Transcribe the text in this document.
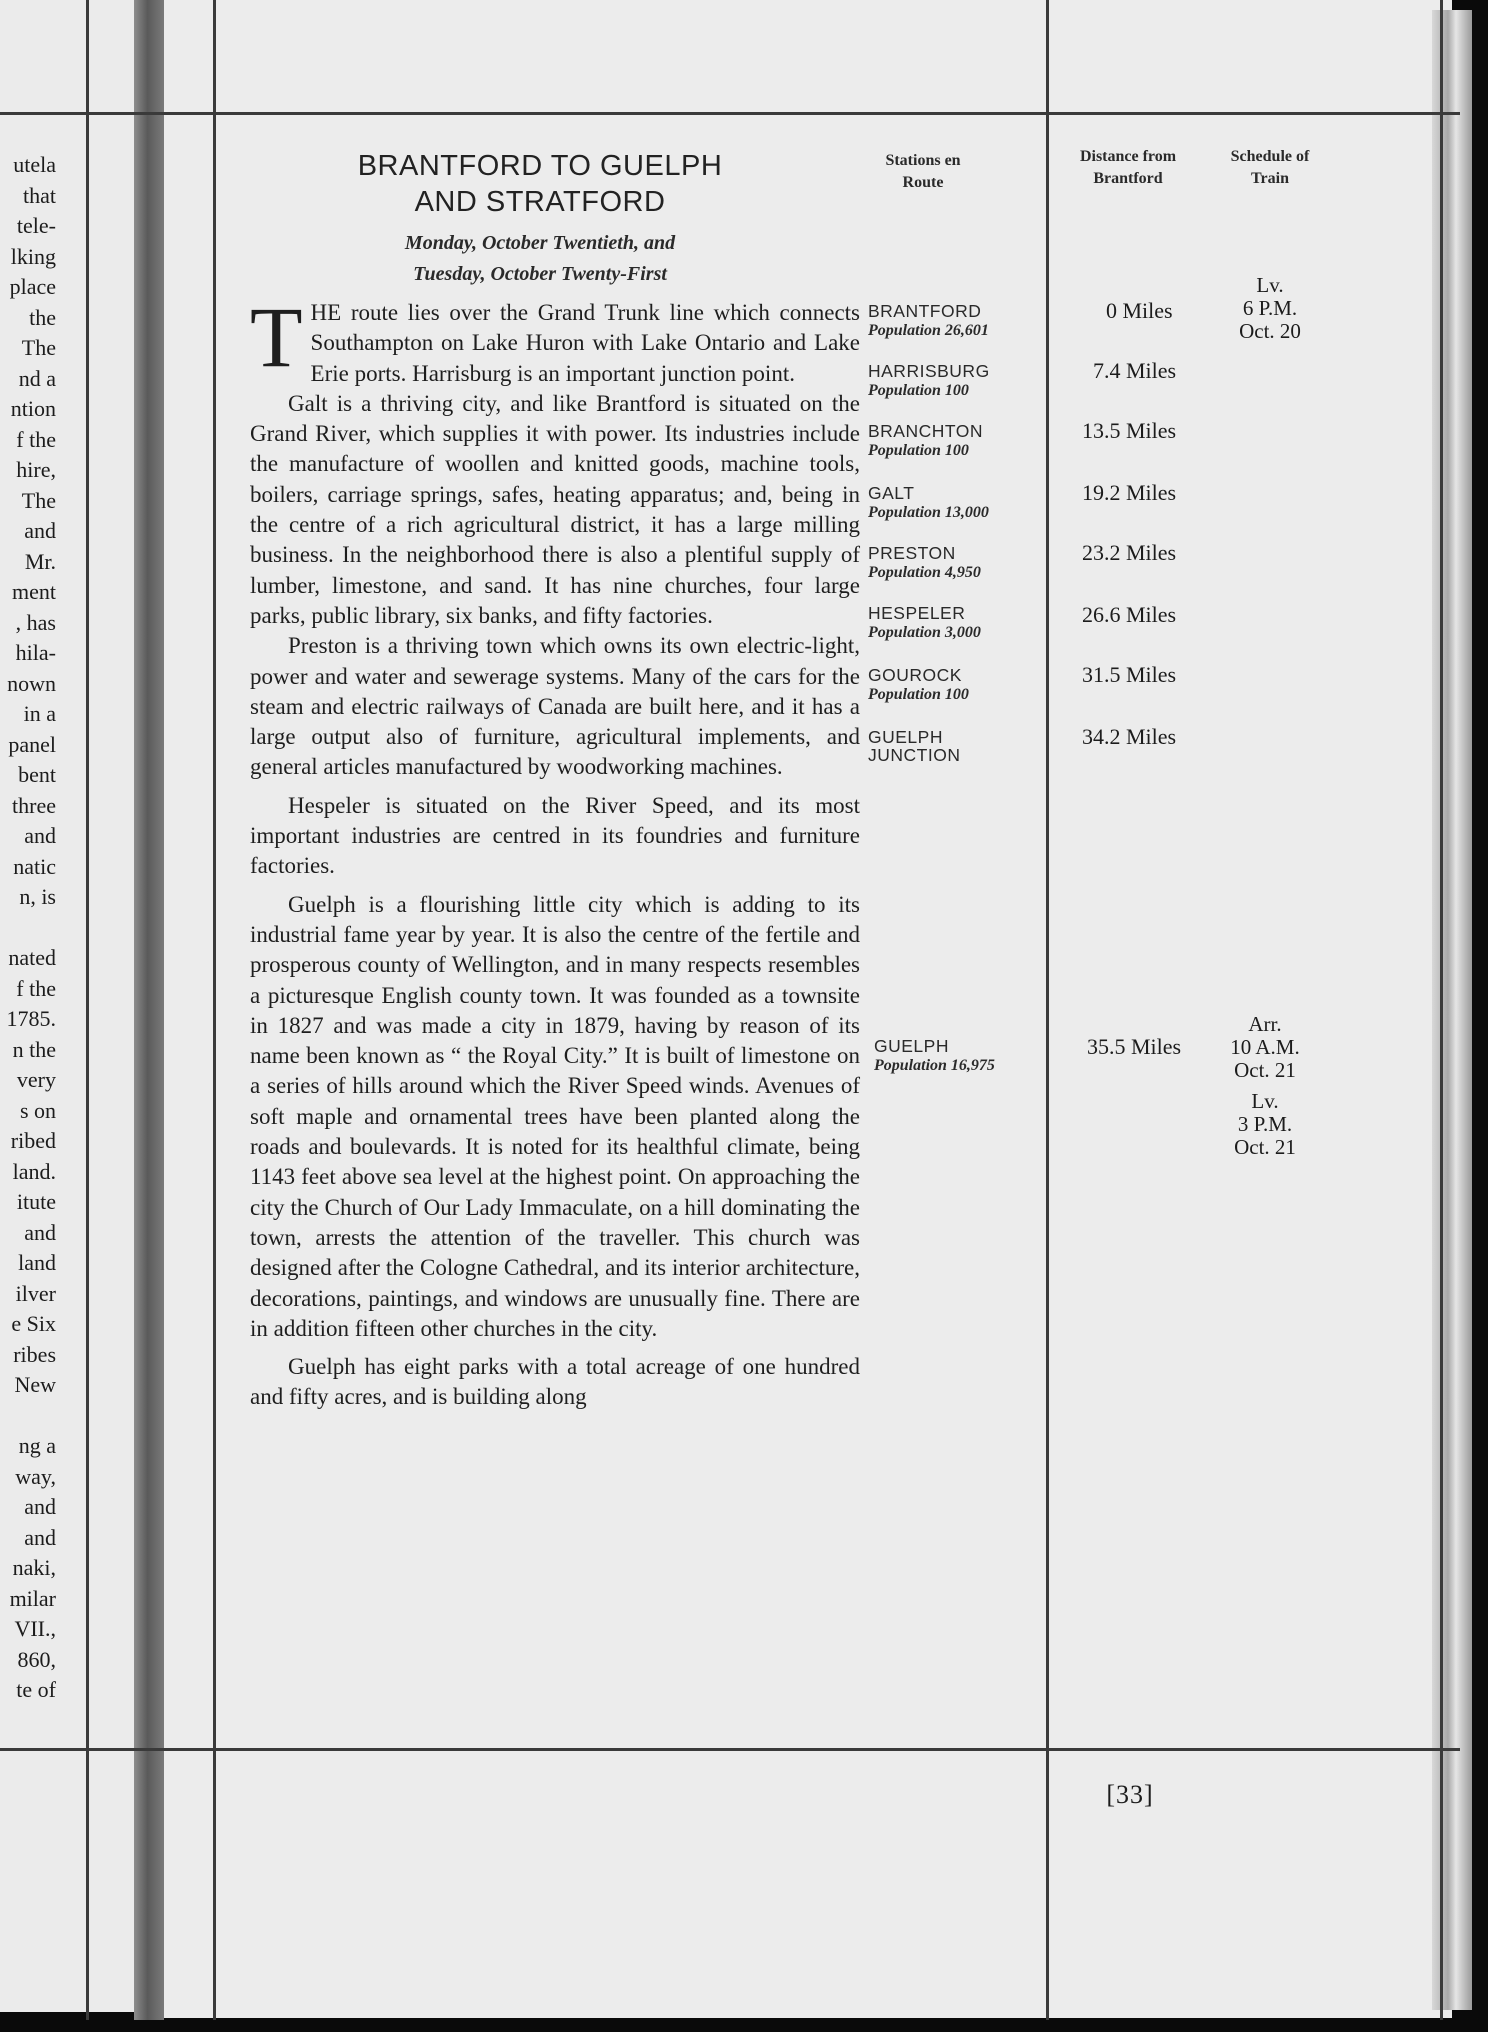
utela
that
tele-
lking
place
the
The
nd a
ntion
f the
hire,
The
and
Mr.
ment
, has
hila-
nown
in a
panel
bent
three
and
natic
n, is
nated
f the
1785.
n the
very
s on
ribed
land.
itute
and
land
ilver
e Six
ribes
New
ng a
way,
and
and
naki,
milar
VII.,
860,
te of
BRANTFORD TO GUELPH
AND STRATFORD
Monday, October Twentieth, and
Tuesday, October Twenty-First

THE route lies over the Grand Trunk line which connects Southampton on Lake Huron with Lake Ontario and Lake Erie ports. Harrisburg is an important junction point.

Galt is a thriving city, and like Brantford is situated on the Grand River, which supplies it with power. Its industries include the manufacture of woollen and knitted goods, machine tools, boilers, carriage springs, safes, heating apparatus; and, being in the centre of a rich agricultural district, it has a large milling business. In the neighborhood there is also a plentiful supply of lumber, limestone, and sand. It has nine churches, four large parks, public library, six banks, and fifty factories.

Preston is a thriving town which owns its own electric-light, power and water and sewerage systems. Many of the cars for the steam and electric railways of Canada are built here, and it has a large output also of furniture, agricultural implements, and general articles manufactured by woodworking machines.

Hespeler is situated on the River Speed, and its most important industries are centred in its foundries and furniture factories.

Guelph is a flourishing little city which is adding to its industrial fame year by year. It is also the centre of the fertile and prosperous county of Wellington, and in many respects resembles a picturesque English county town. It was founded as a townsite in 1827 and was made a city in 1879, having by reason of its name been known as “ the Royal City.” It is built of limestone on a series of hills around which the River Speed winds. Avenues of soft maple and ornamental trees have been planted along the roads and boulevards. It is noted for its healthful climate, being 1143 feet above sea level at the highest point. On approaching the city the Church of Our Lady Immaculate, on a hill dominating the town, arrests the attention of the traveller. This church was designed after the Cologne Cathedral, and its interior architecture, decorations, paintings, and windows are unusually fine. There are in addition fifteen other churches in the city.

Guelph has eight parks with a total acreage of one hundred and fifty acres, and is building along

Stations en
Route
Distance from
Brantford
Schedule of
Train
BRANTFORD
Population 26,601
HARRISBURG
Population 100
BRANCHTON
Population 100
GALT
Population 13,000
PRESTON
Population 4,950
HESPELER
Population 3,000
GOUROCK
Population 100
GUELPH
JUNCTION
GUELPH
Population 16,975
0 Miles
7.4 Miles
13.5 Miles
19.2 Miles
23.2 Miles
26.6 Miles
31.5 Miles
34.2 Miles
35.5 Miles
Lv.
6 P.M.
Oct. 20
Arr.
10 A.M.
Oct. 21
Lv.
3 P.M.
Oct. 21
[33]
